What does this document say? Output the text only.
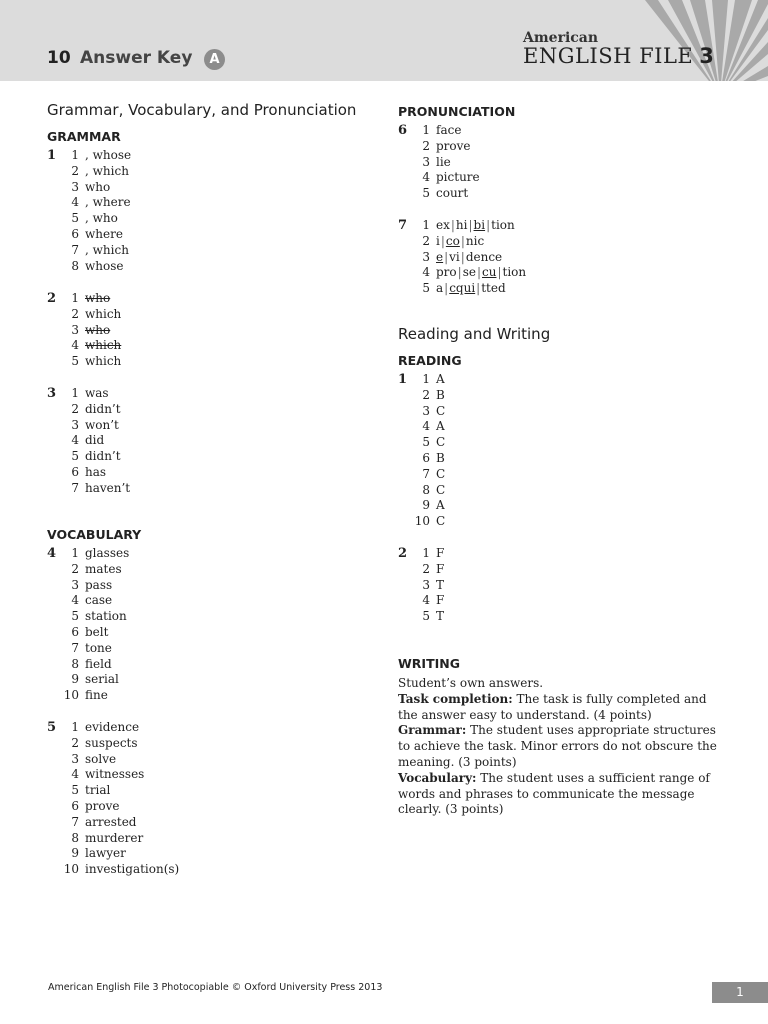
10 Answer Key	A
American
ENGLISH FILE 3
Grammar, Vocabulary, and Pronunciation
GRAMMAR
1 1 , whose
2 , which
3 who
4 , where
5 , who
6 where
7 , which
8 whose
2 1 who
2 which
3 who
4 which
5 which
3 1 was
2 didn’t
3 won’t
4 did
5 didn’t
6 has
7 haven’t
VOCABULARY
4 1 glasses
2 mates
3 pass
4 case
5 station
6 belt
7 tone
8 field
9 serial
10 fine
5 1 evidence
2 suspects
3 solve
4 witnesses
5 trial
6 prove
7 arrested
8 murderer
9 lawyer
10 investigation(s)
PRONUNCIATION
6 1 face
2 prove
3 lie
4 picture
5 court
7 1 ex|hi|bi|tion
2 i|co|nic
3 e|vi|dence
4 pro|se|cu|tion
5 a|cqui|tted
Reading and Writing
READING
1 1 A
2 B
3 C
4 A
5 C
6 B
7 C
8 C
9 A
10 C
2 1 F
2 F
3 T
4 F
5 T
WRITING

Student’s own answers.

Task completion: The task is fully completed and the answer easy to understand. (4 points)

Grammar: The student uses appropriate structures to achieve the task. Minor errors do not obscure the meaning. (3 points)

Vocabulary: The student uses a sufficient range of words and phrases to communicate the message clearly. (3 points)

American English File 3 Photocopiable © Oxford University Press 2013	1
